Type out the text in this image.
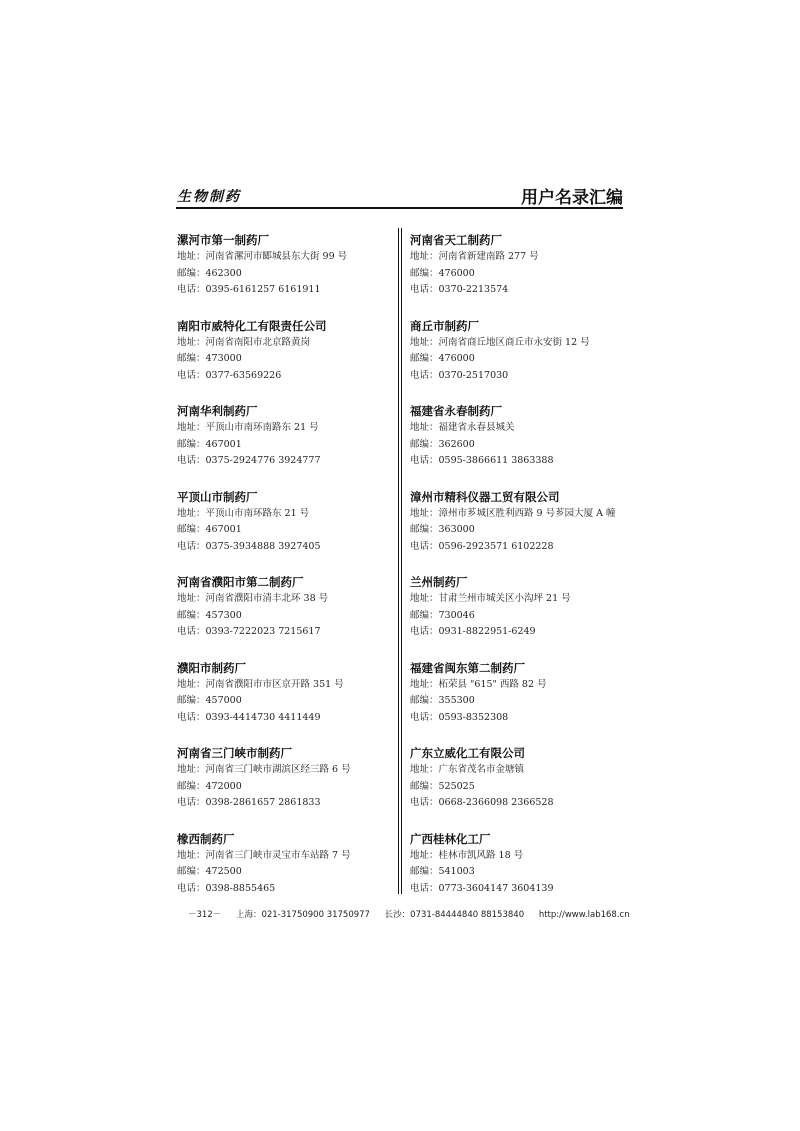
生物制药	用户名录汇编
漯河市第一制药厂
地址：河南省漯河市郾城县东大街 99 号
邮编：462300
电话：0395-6161257 6161911
南阳市威特化工有限责任公司
地址：河南省南阳市北京路黄岗
邮编：473000
电话：0377-63569226
河南华利制药厂
地址：平顶山市南环南路东 21 号
邮编：467001
电话：0375-2924776 3924777
平顶山市制药厂
地址：平顶山市南环路东 21 号
邮编：467001
电话：0375-3934888 3927405
河南省濮阳市第二制药厂
地址：河南省濮阳市清丰北环 38 号
邮编：457300
电话：0393-7222023 7215617
濮阳市制药厂
地址：河南省濮阳市市区京开路 351 号
邮编：457000
电话：0393-4414730 4411449
河南省三门峡市制药厂
地址：河南省三门峡市湖滨区经三路 6 号
邮编：472000
电话：0398-2861657 2861833
橡西制药厂
地址：河南省三门峡市灵宝市车站路 7 号
邮编：472500
电话：0398-8855465
河南省天工制药厂
地址：河南省新建南路 277 号
邮编：476000
电话：0370-2213574
商丘市制药厂
地址：河南省商丘地区商丘市永安街 12 号
邮编：476000
电话：0370-2517030
福建省永春制药厂
地址：福建省永春县城关
邮编：362600
电话：0595-3866611 3863388
漳州市精科仪器工贸有限公司
地址：漳州市芗城区胜利西路 9 号芗园大厦 A 幢
邮编：363000
电话：0596-2923571 6102228
兰州制药厂
地址：甘肃兰州市城关区小沟坪 21 号
邮编：730046
电话：0931-8822951-6249
福建省闽东第二制药厂
地址：柘荣县 "615" 西路 82 号
邮编：355300
电话：0593-8352308
广东立威化工有限公司
地址：广东省茂名市金塘镇
邮编：525025
电话：0668-2366098 2366528
广西桂林化工厂
地址：桂林市凯风路 18 号
邮编：541003
电话：0773-3604147 3604139
－312－ 上海：021-31750900 31750977 长沙：0731-84444840 88153840 http://www.lab168.cn
